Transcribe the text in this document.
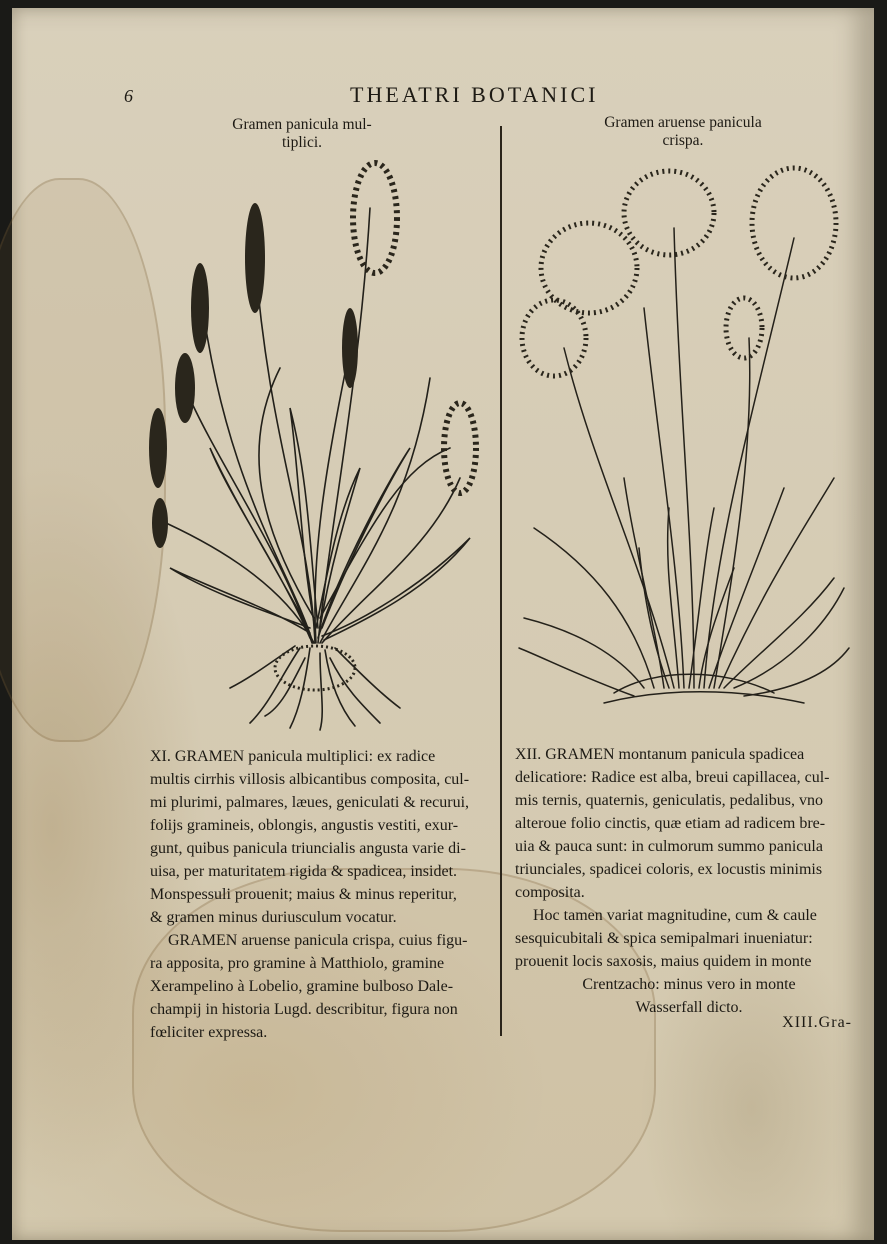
6	THEATRI BOTANICI
Gramen panicula mul-
tiplici.
Gramen aruense panicula
crispa.
XI. GRAMEN panicula multiplici: ex radice
multis cirrhis villosis albicantibus composita, cul-
mi plurimi, palmares, læues, geniculati & recurui,
folijs gramineis, oblongis, angustis vestiti, exur-
gunt, quibus panicula triuncialis angusta varie di-
uisa, per maturitatem rigida & spadicea, insidet.
Monspessuli prouenit; maius & minus reperitur,
& gramen minus duriusculum vocatur.
GRAMEN aruense panicula crispa, cuius figu-
ra apposita, pro gramine à Matthiolo, gramine
Xerampelino à Lobelio, gramine bulboso Dale-
champij in historia Lugd. describitur, figura non
fœliciter expressa.
XII. GRAMEN montanum panicula spadicea
delicatiore: Radice est alba, breui capillacea, cul-
mis ternis, quaternis, geniculatis, pedalibus, vno
alteroue folio cinctis, quæ etiam ad radicem bre-
uia & pauca sunt: in culmorum summo panicula
triunciales, spadicei coloris, ex locustis minimis
composita.
Hoc tamen variat magnitudine, cum & caule
sesquicubitali & spica semipalmari inueniatur:
prouenit locis saxosis, maius quidem in monte
Crentzacho: minus vero in monte
Wasserfall dicto.
XIII.Gra-
